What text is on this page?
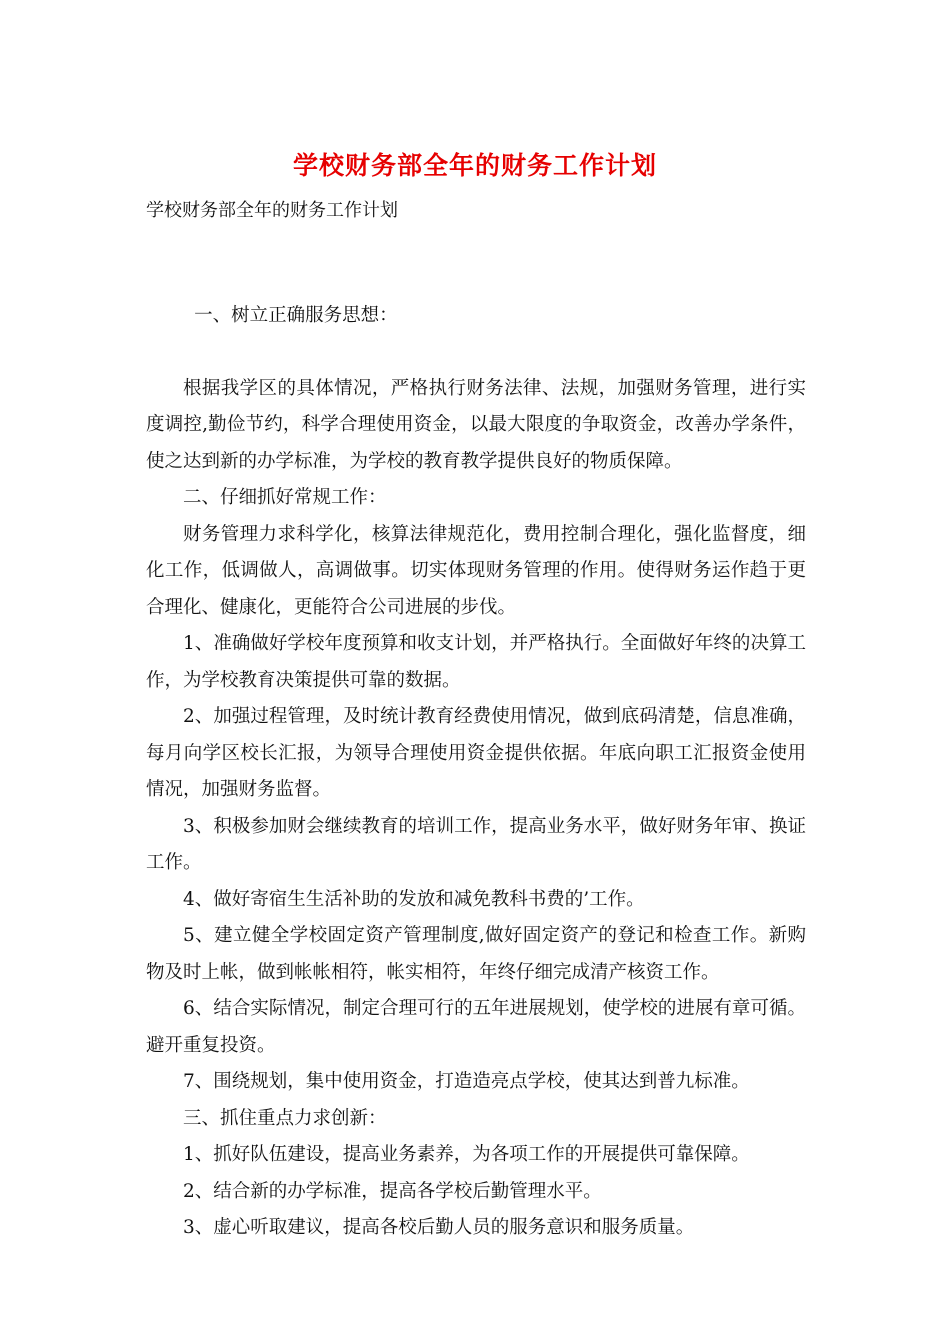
学校财务部全年的财务工作计划
学校财务部全年的财务工作计划

一、树立正确服务思想：

根据我学区的具体情况，严格执行财务法律、法规，加强财务管理，进行实度调控,勤俭节约，科学合理使用资金，以最大限度的争取资金，改善办学条件，使之达到新的办学标准，为学校的教育教学提供良好的物质保障。

二、仔细抓好常规工作：

财务管理力求科学化，核算法律规范化，费用控制合理化，强化监督度，细化工作，低调做人，高调做事。切实体现财务管理的作用。使得财务运作趋于更合理化、健康化，更能符合公司进展的步伐。

1、准确做好学校年度预算和收支计划，并严格执行。全面做好年终的决算工作，为学校教育决策提供可靠的数据。

2、加强过程管理，及时统计教育经费使用情况，做到底码清楚，信息准确，每月向学区校长汇报，为领导合理使用资金提供依据。年底向职工汇报资金使用情况，加强财务监督。

3、积极参加财会继续教育的培训工作，提高业务水平，做好财务年审、换证工作。

4、做好寄宿生生活补助的发放和减免教科书费的’工作。

5、建立健全学校固定资产管理制度,做好固定资产的登记和检查工作。新购物及时上帐，做到帐帐相符，帐实相符，年终仔细完成清产核资工作。

6、结合实际情况，制定合理可行的五年进展规划，使学校的进展有章可循。避开重复投资。

7、围绕规划，集中使用资金，打造造亮点学校，使其达到普九标准。

三、抓住重点力求创新：

1、抓好队伍建设，提高业务素养，为各项工作的开展提供可靠保障。

2、结合新的办学标准，提高各学校后勤管理水平。

3、虚心听取建议，提高各校后勤人员的服务意识和服务质量。
